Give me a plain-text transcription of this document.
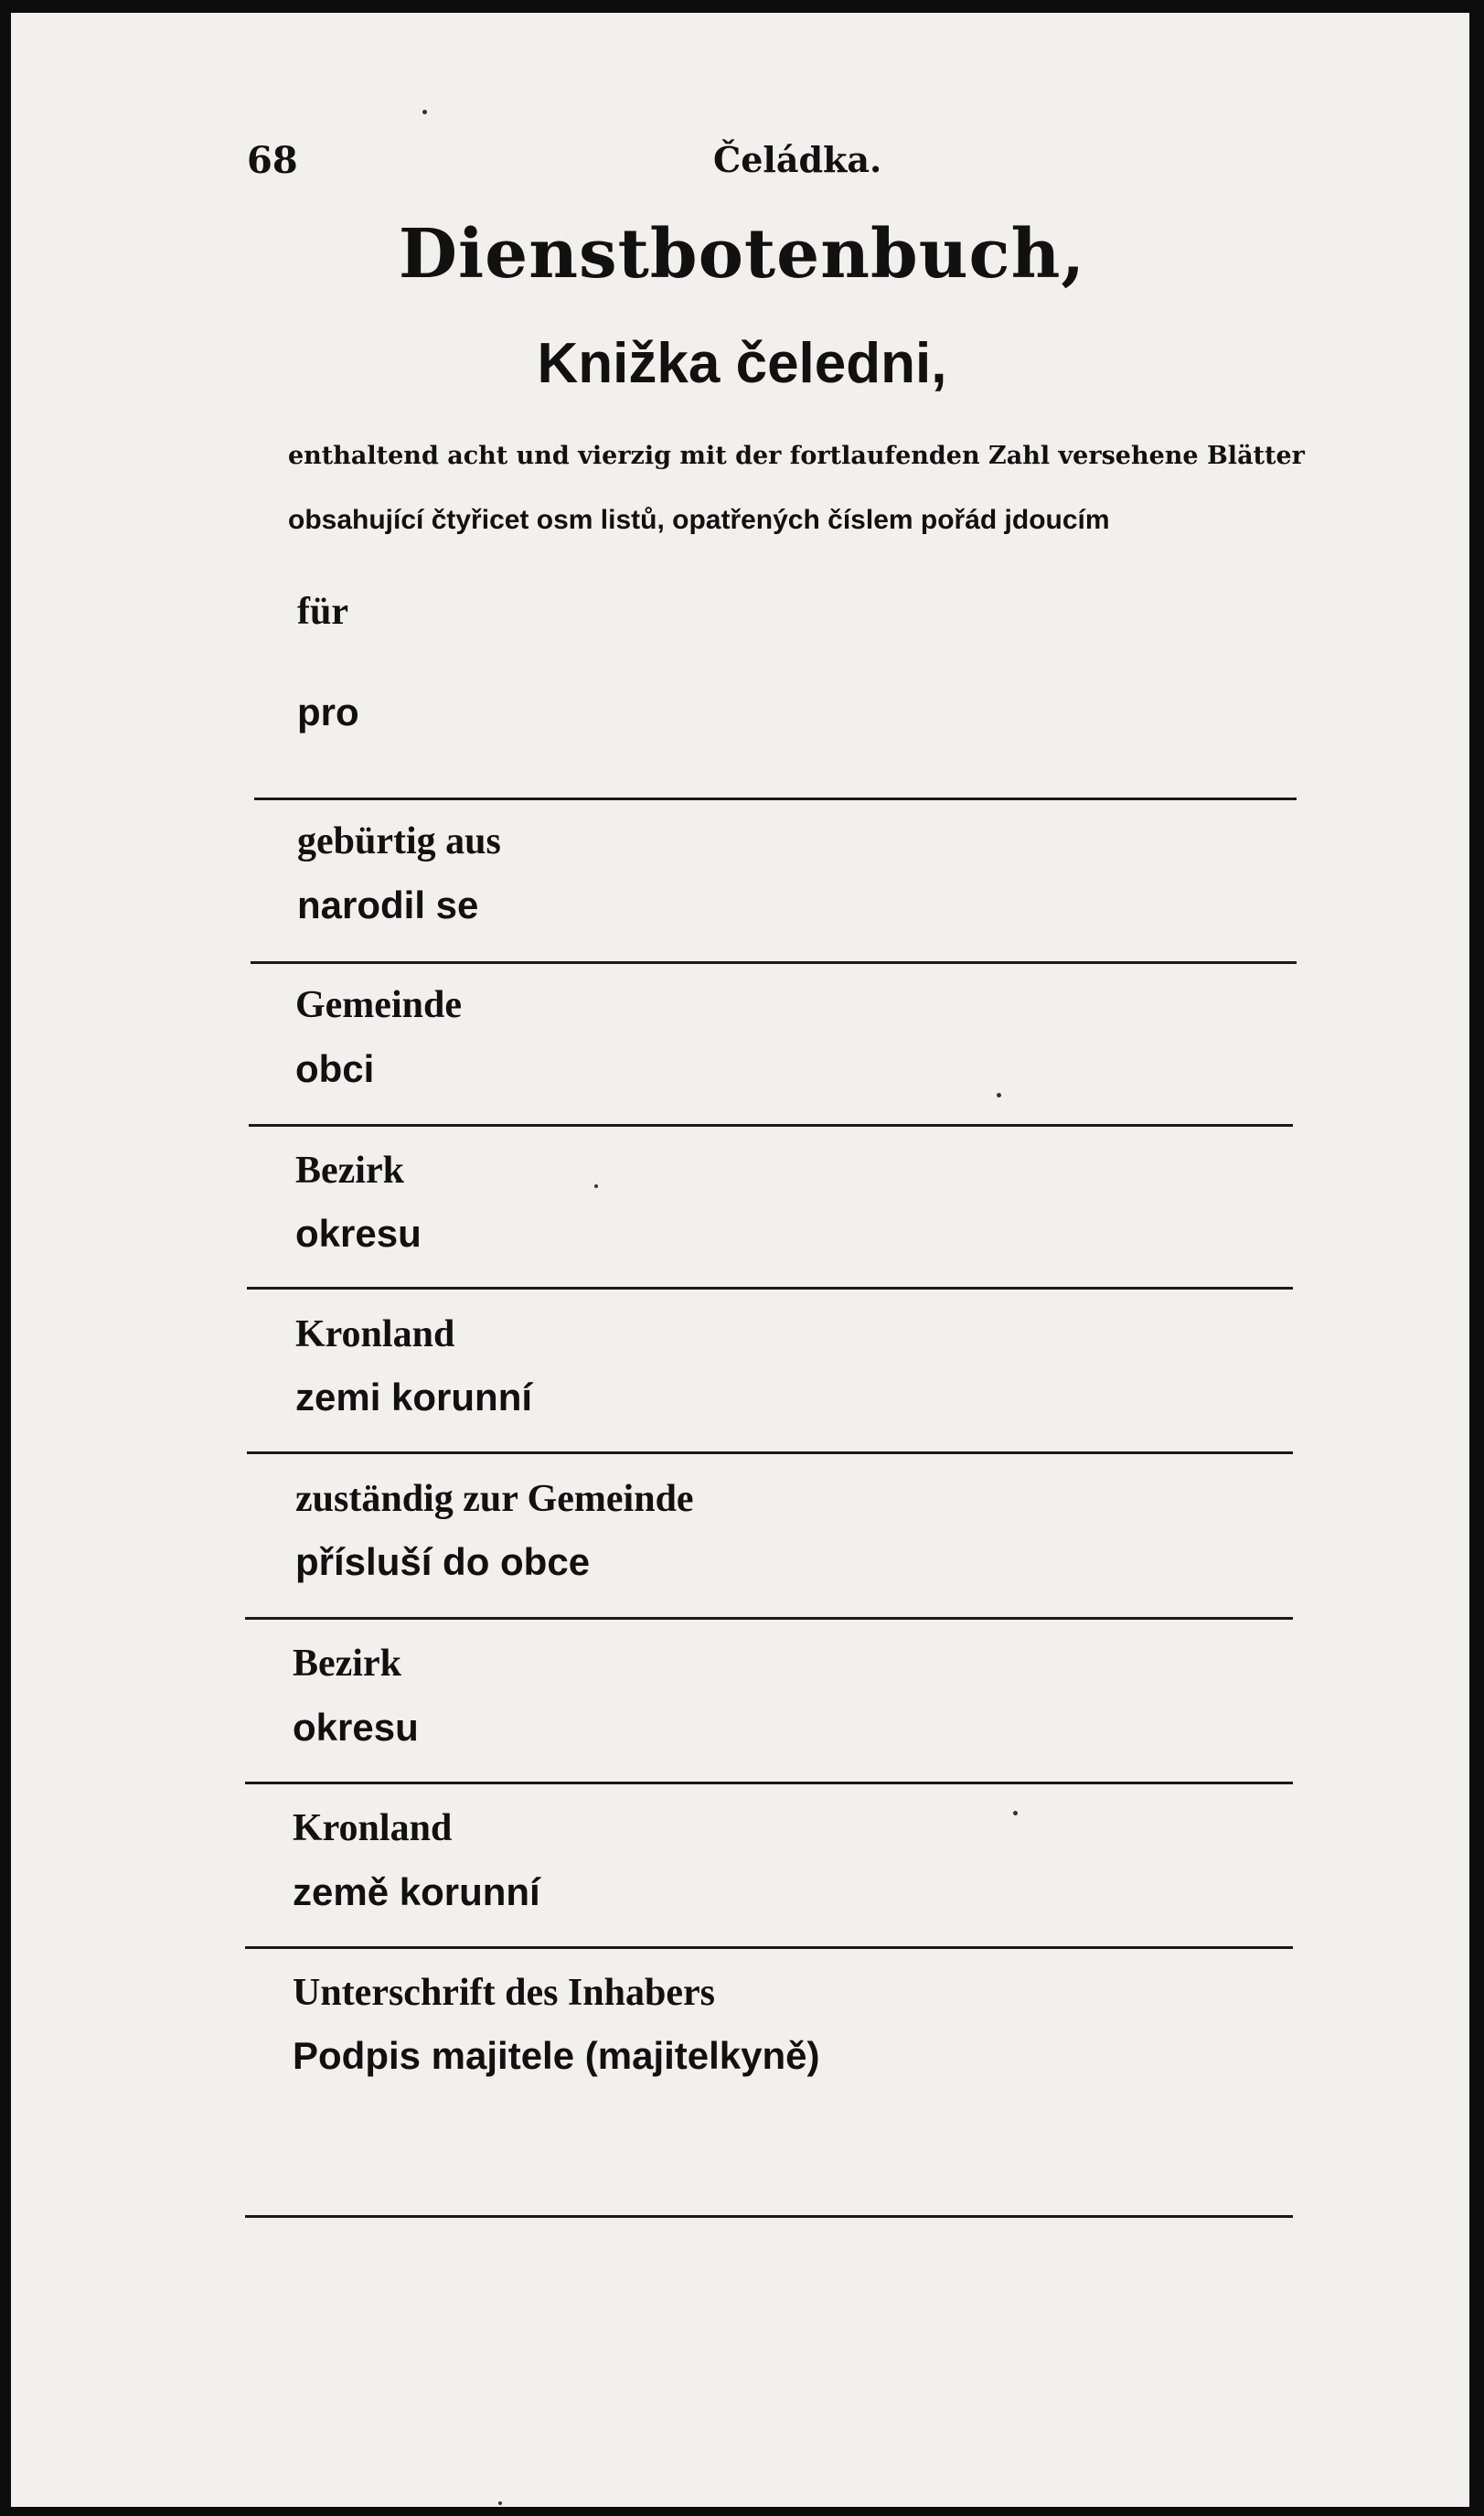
68	Čeládka.
Dienstbotenbuch,
Knižka čeledni,
enthaltend acht und vierzig mit der fortlaufenden Zahl versehene Blätter
obsahující čtyřicet osm listů, opatřených číslem pořád jdoucím
für
pro
gebürtig aus
narodil se
Gemeinde
obci
Bezirk
okresu
Kronland
zemi korunní
zuständig zur Gemeinde
přísluší do obce
Bezirk
okresu
Kronland
země korunní
Unterschrift des Inhabers
Podpis majitele (majitelkyně)
